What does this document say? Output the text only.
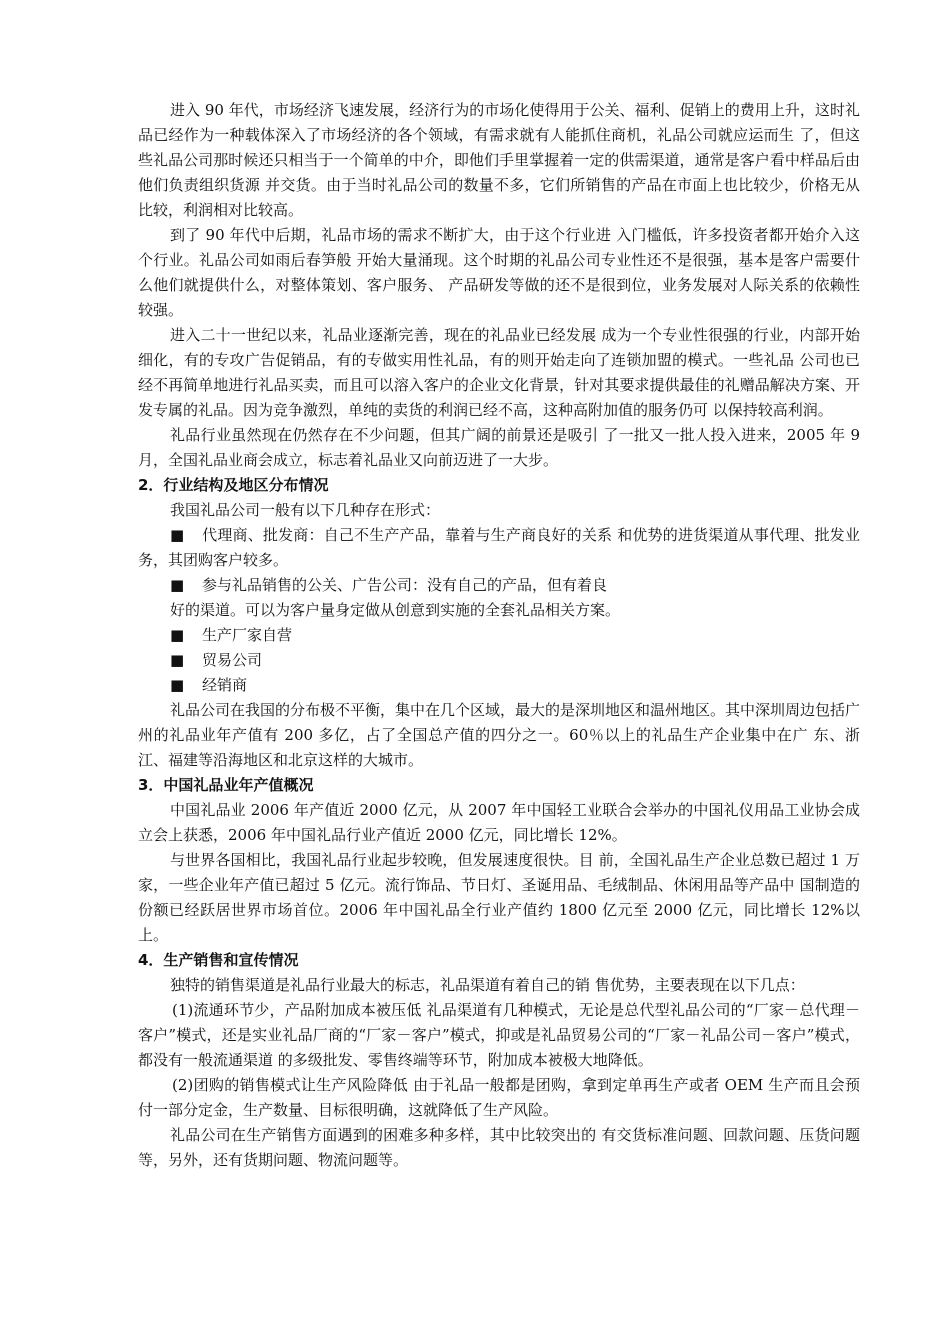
进入 90 年代，市场经济飞速发展，经济行为的市场化使得用于公关、福利、促销上的费用上升，这时礼品已经作为一种载体深入了市场经济的各个领域，有需求就有人能抓住商机，礼品公司就应运而生 了，但这些礼品公司那时候还只相当于一个简单的中介，即他们手里掌握着一定的供需渠道，通常是客户看中样品后由他们负责组织货源 并交货。由于当时礼品公司的数量不多，它们所销售的产品在市面上也比较少，价格无从比较，利润相对比较高。

到了 90 年代中后期，礼品市场的需求不断扩大，由于这个行业进 入门槛低，许多投资者都开始介入这个行业。礼品公司如雨后春笋般 开始大量涌现。这个时期的礼品公司专业性还不是很强，基本是客户需要什么他们就提供什么，对整体策划、客户服务、 产品研发等做的还不是很到位，业务发展对人际关系的依赖性较强。

进入二十一世纪以来，礼品业逐渐完善，现在的礼品业已经发展 成为一个专业性很强的行业，内部开始细化，有的专攻广告促销品，有的专做实用性礼品，有的则开始走向了连锁加盟的模式。一些礼品 公司也已经不再简单地进行礼品买卖，而且可以溶入客户的企业文化背景，针对其要求提供最佳的礼赠品解决方案、开发专属的礼品。因为竞争激烈，单纯的卖货的利润已经不高，这种高附加值的服务仍可 以保持较高利润。

礼品行业虽然现在仍然存在不少问题，但其广阔的前景还是吸引 了一批又一批人投入进来，2005 年 9 月，全国礼品业商会成立，标志着礼品业又向前迈进了一大步。

2．行业结构及地区分布情况

我国礼品公司一般有以下几种存在形式：

■ 代理商、批发商：自己不生产产品，靠着与生产商良好的关系 和优势的进货渠道从事代理、批发业务，其团购客户较多。

■ 参与礼品销售的公关、广告公司：没有自己的产品，但有着良

好的渠道。可以为客户量身定做从创意到实施的全套礼品相关方案。

■ 生产厂家自营

■ 贸易公司

■ 经销商

礼品公司在我国的分布极不平衡，集中在几个区域，最大的是深圳地区和温州地区。其中深圳周边包括广州的礼品业年产值有 200 多亿，占了全国总产值的四分之一。60％以上的礼品生产企业集中在广 东、浙江、福建等沿海地区和北京这样的大城市。

3．中国礼品业年产值概况

中国礼品业 2006 年产值近 2000 亿元，从 2007 年中国轻工业联合会举办的中国礼仪用品工业协会成立会上获悉，2006 年中国礼品行业产值近 2000 亿元，同比增长 12%。

与世界各国相比，我国礼品行业起步较晚，但发展速度很快。目 前，全国礼品生产企业总数已超过 1 万家，一些企业年产值已超过 5 亿元。流行饰品、节日灯、圣诞用品、毛绒制品、休闲用品等产品中 国制造的份额已经跃居世界市场首位。2006 年中国礼品全行业产值约 1800 亿元至 2000 亿元，同比增长 12%以上。

4．生产销售和宣传情况

独特的销售渠道是礼品行业最大的标志，礼品渠道有着自己的销 售优势，主要表现在以下几点：

(1)流通环节少，产品附加成本被压低 礼品渠道有几种模式，无论是总代型礼品公司的“厂家－总代理－客户”模式，还是实业礼品厂商的“厂家－客户”模式，抑或是礼品贸易公司的“厂家－礼品公司－客户”模式，都没有一般流通渠道 的多级批发、零售终端等环节，附加成本被极大地降低。

(2)团购的销售模式让生产风险降低 由于礼品一般都是团购，拿到定单再生产或者 OEM 生产而且会预付一部分定金，生产数量、目标很明确，这就降低了生产风险。

礼品公司在生产销售方面遇到的困难多种多样，其中比较突出的 有交货标准问题、回款问题、压货问题等，另外，还有货期问题、物流问题等。
